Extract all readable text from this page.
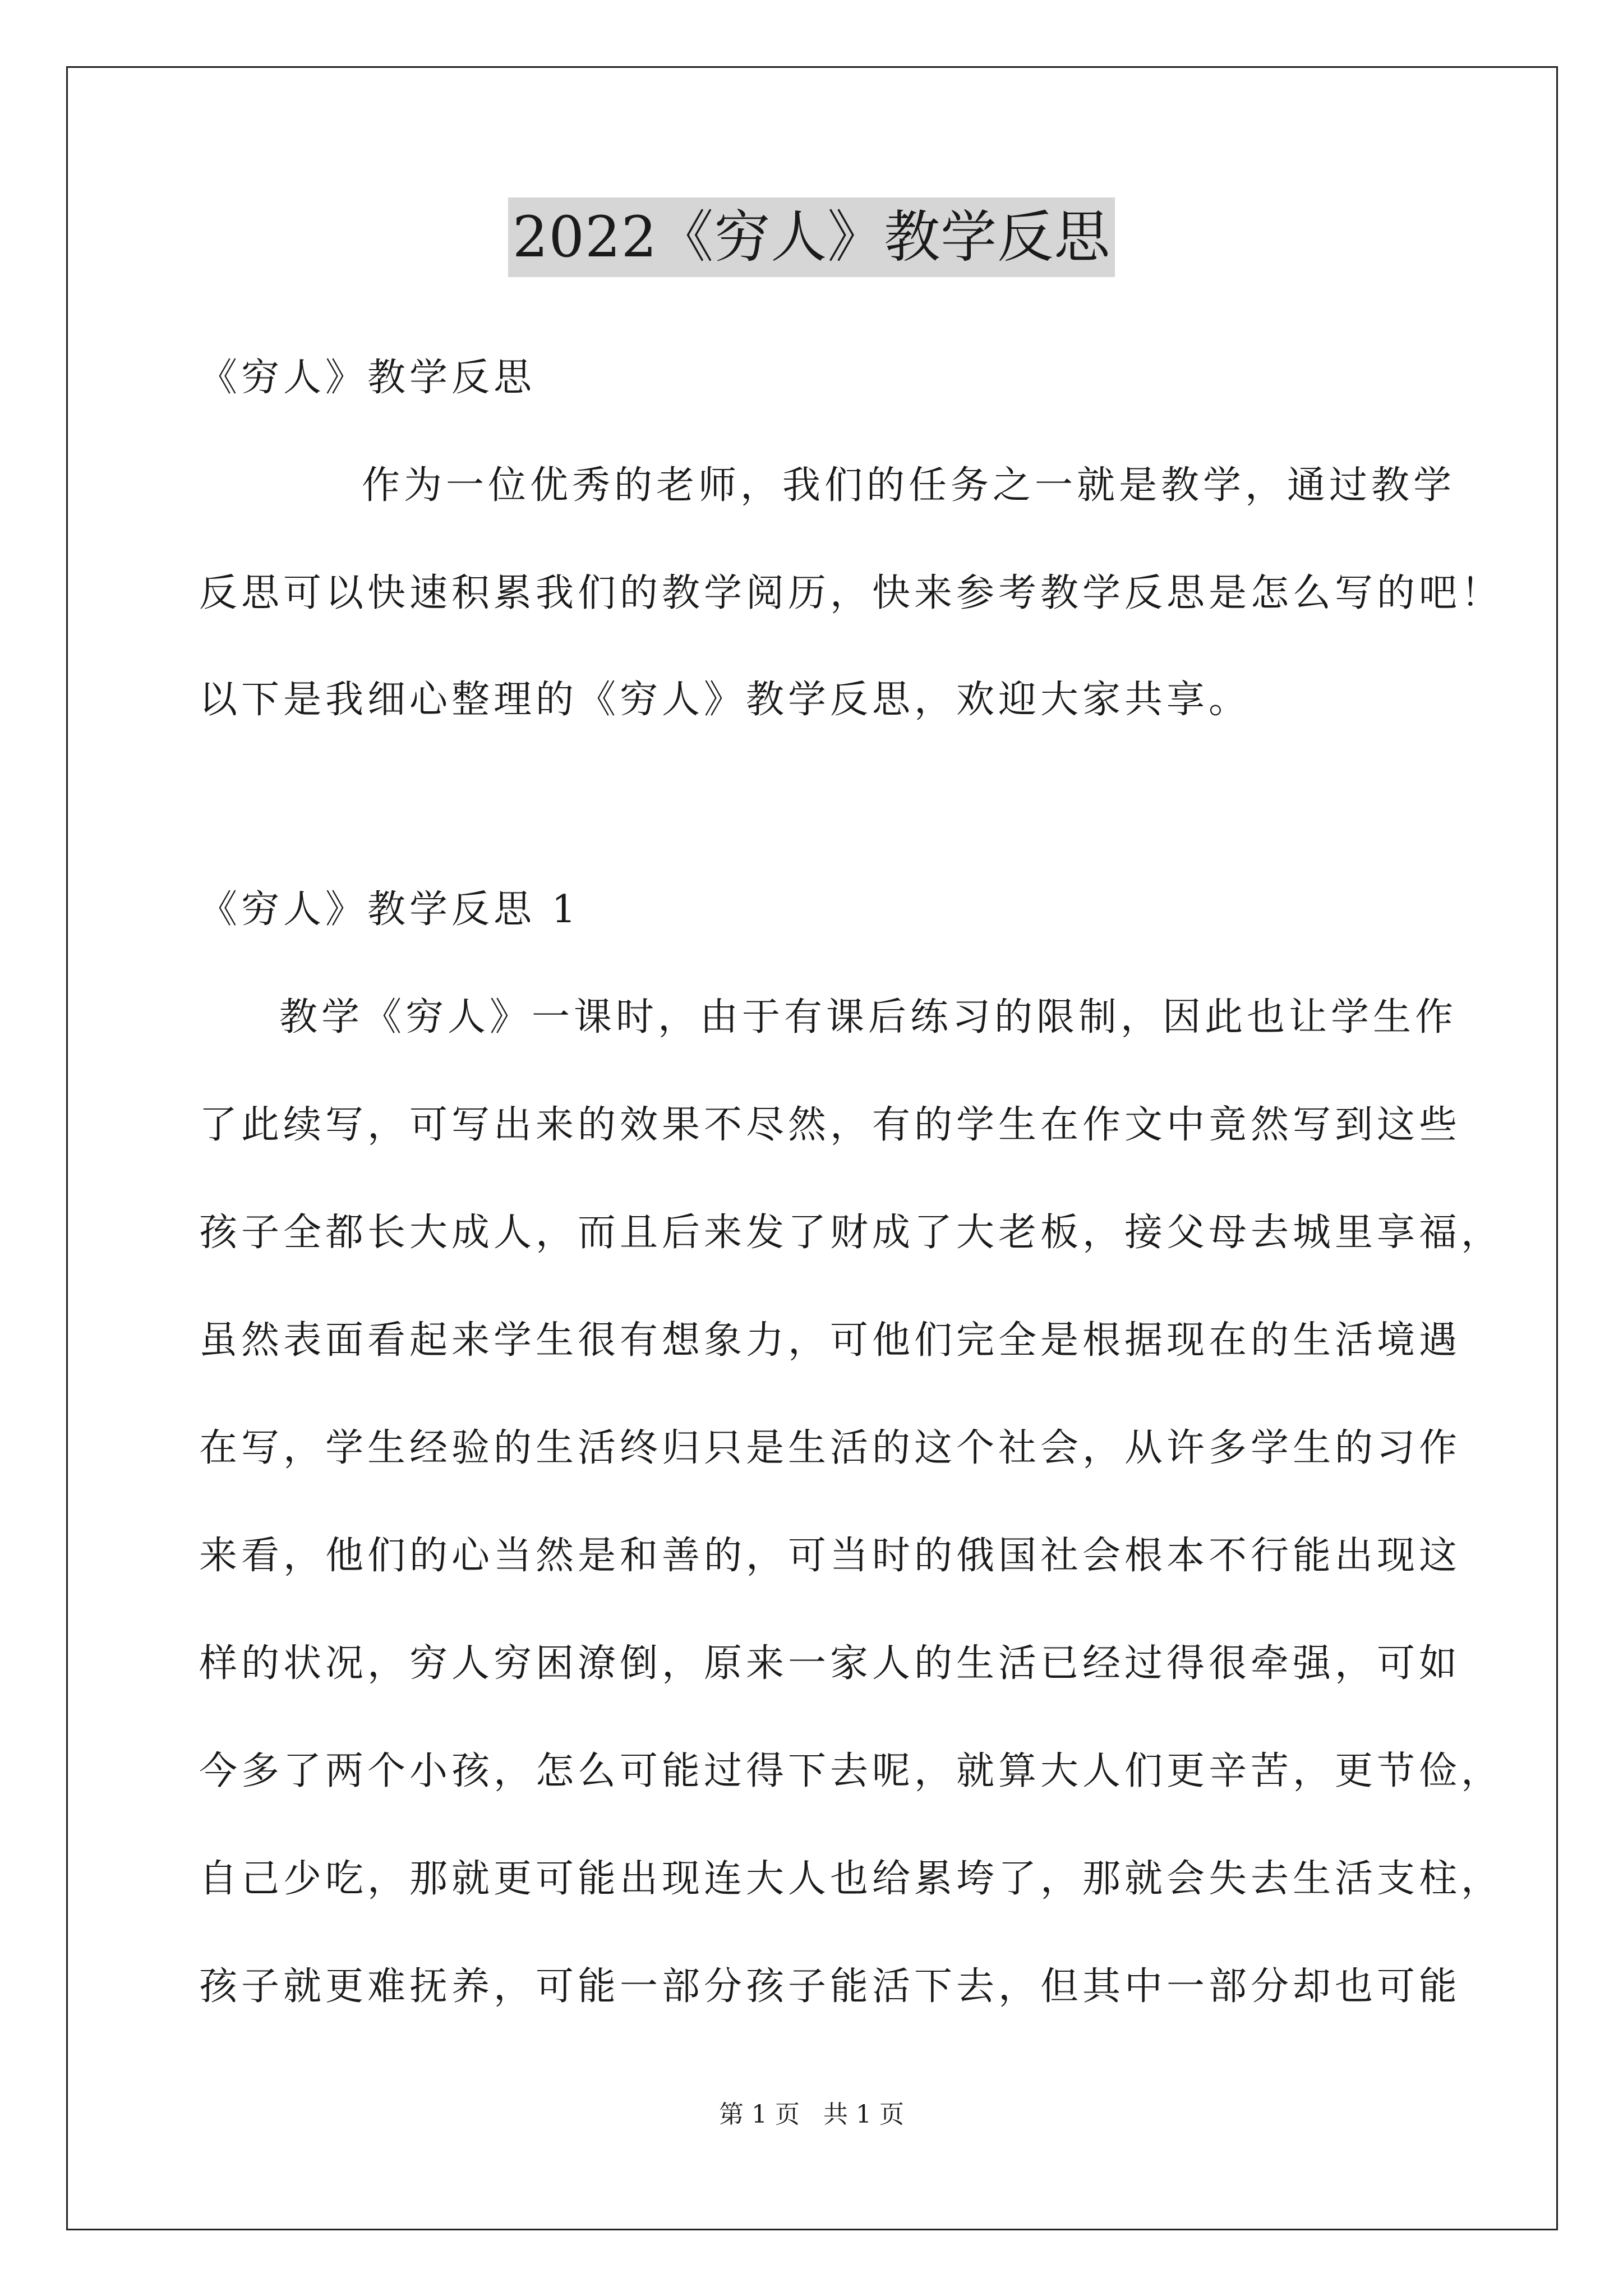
2022《穷人》教学反思
《穷人》教学反思
作为一位优秀的老师，我们的任务之一就是教学，通过教学
反思可以快速积累我们的教学阅历，快来参考教学反思是怎么写的吧！
以下是我细心整理的《穷人》教学反思，欢迎大家共享。
《穷人》教学反思 1
教学《穷人》一课时，由于有课后练习的限制，因此也让学生作
了此续写，可写出来的效果不尽然，有的学生在作文中竟然写到这些
孩子全都长大成人，而且后来发了财成了大老板，接父母去城里享福，
虽然表面看起来学生很有想象力，可他们完全是根据现在的生活境遇
在写，学生经验的生活终归只是生活的这个社会，从许多学生的习作
来看，他们的心当然是和善的，可当时的俄国社会根本不行能出现这
样的状况，穷人穷困潦倒，原来一家人的生活已经过得很牵强，可如
今多了两个小孩，怎么可能过得下去呢，就算大人们更辛苦，更节俭，
自己少吃，那就更可能出现连大人也给累垮了，那就会失去生活支柱，
孩子就更难抚养，可能一部分孩子能活下去，但其中一部分却也可能
第 1 页   共 1 页
